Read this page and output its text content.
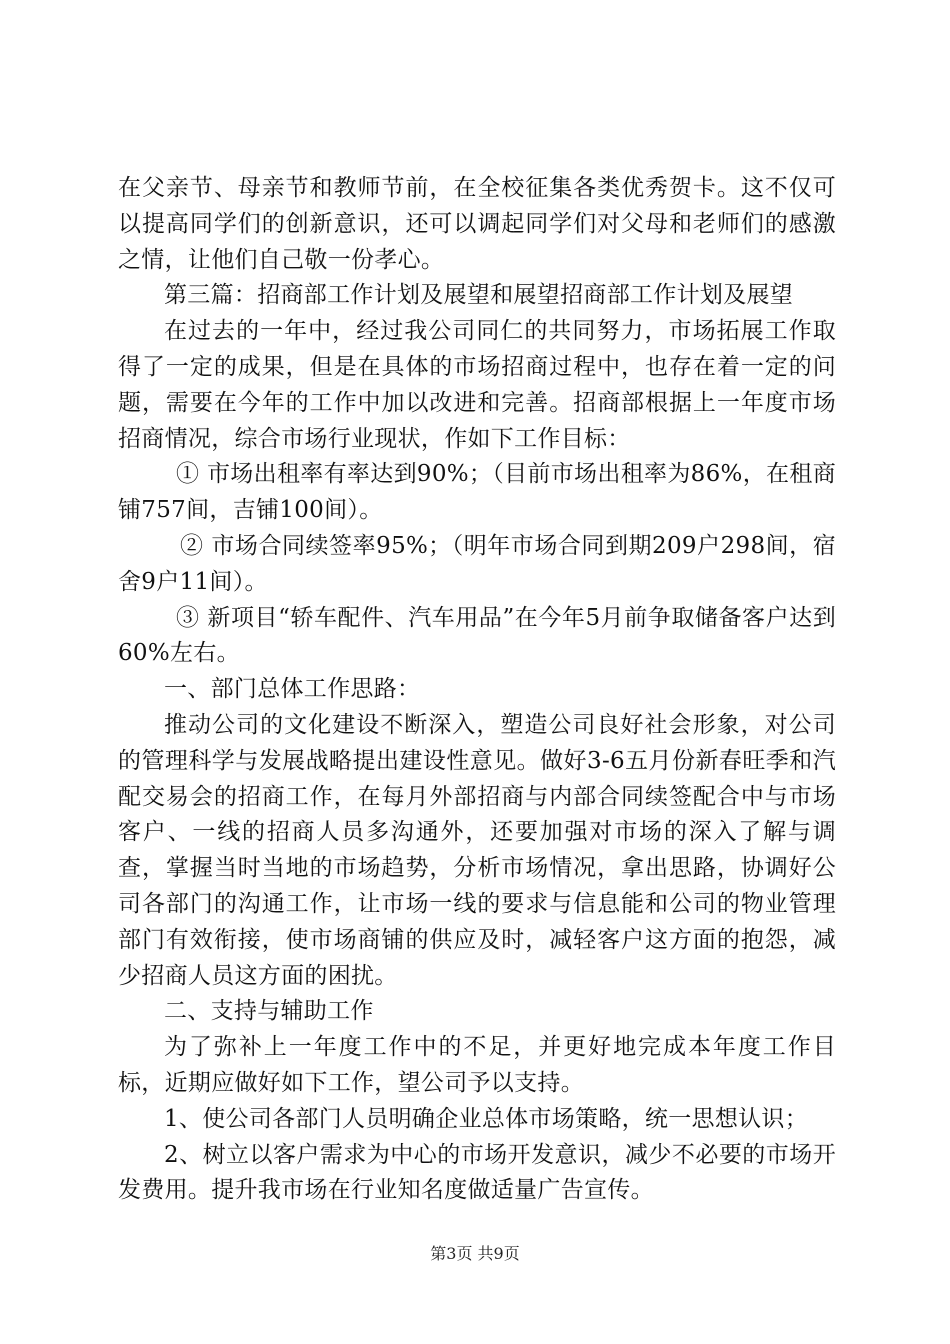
在父亲节、母亲节和教师节前，在全校征集各类优秀贺卡。这不仅可以提高同学们的创新意识，还可以调起同学们对父母和老师们的感激之情，让他们自己敬一份孝心。

第三篇：招商部工作计划及展望和展望招商部工作计划及展望

在过去的一年中，经过我公司同仁的共同努力，市场拓展工作取得了一定的成果，但是在具体的市场招商过程中，也存在着一定的问题，需要在今年的工作中加以改进和完善。招商部根据上一年度市场招商情况，综合市场行业现状，作如下工作目标：

① 市场出租率有率达到90%；（目前市场出租率为86%，在租商铺757间，吉铺100间）。

② 市场合同续签率95%；（明年市场合同到期209户298间，宿舍9户11间）。

③ 新项目“轿车配件、汽车用品”在今年5月前争取储备客户达到60%左右。

一、部门总体工作思路：

推动公司的文化建设不断深入，塑造公司良好社会形象，对公司的管理科学与发展战略提出建设性意见。做好3-6五月份新春旺季和汽配交易会的招商工作，在每月外部招商与内部合同续签配合中与市场客户、一线的招商人员多沟通外，还要加强对市场的深入了解与调查，掌握当时当地的市场趋势，分析市场情况，拿出思路，协调好公司各部门的沟通工作，让市场一线的要求与信息能和公司的物业管理部门有效衔接，使市场商铺的供应及时，减轻客户这方面的抱怨，减少招商人员这方面的困扰。

二、支持与辅助工作

为了弥补上一年度工作中的不足，并更好地完成本年度工作目标，近期应做好如下工作，望公司予以支持。

1、使公司各部门人员明确企业总体市场策略，统一思想认识；

2、树立以客户需求为中心的市场开发意识，减少不必要的市场开发费用。提升我市场在行业知名度做适量广告宣传。

第3页 共9页
